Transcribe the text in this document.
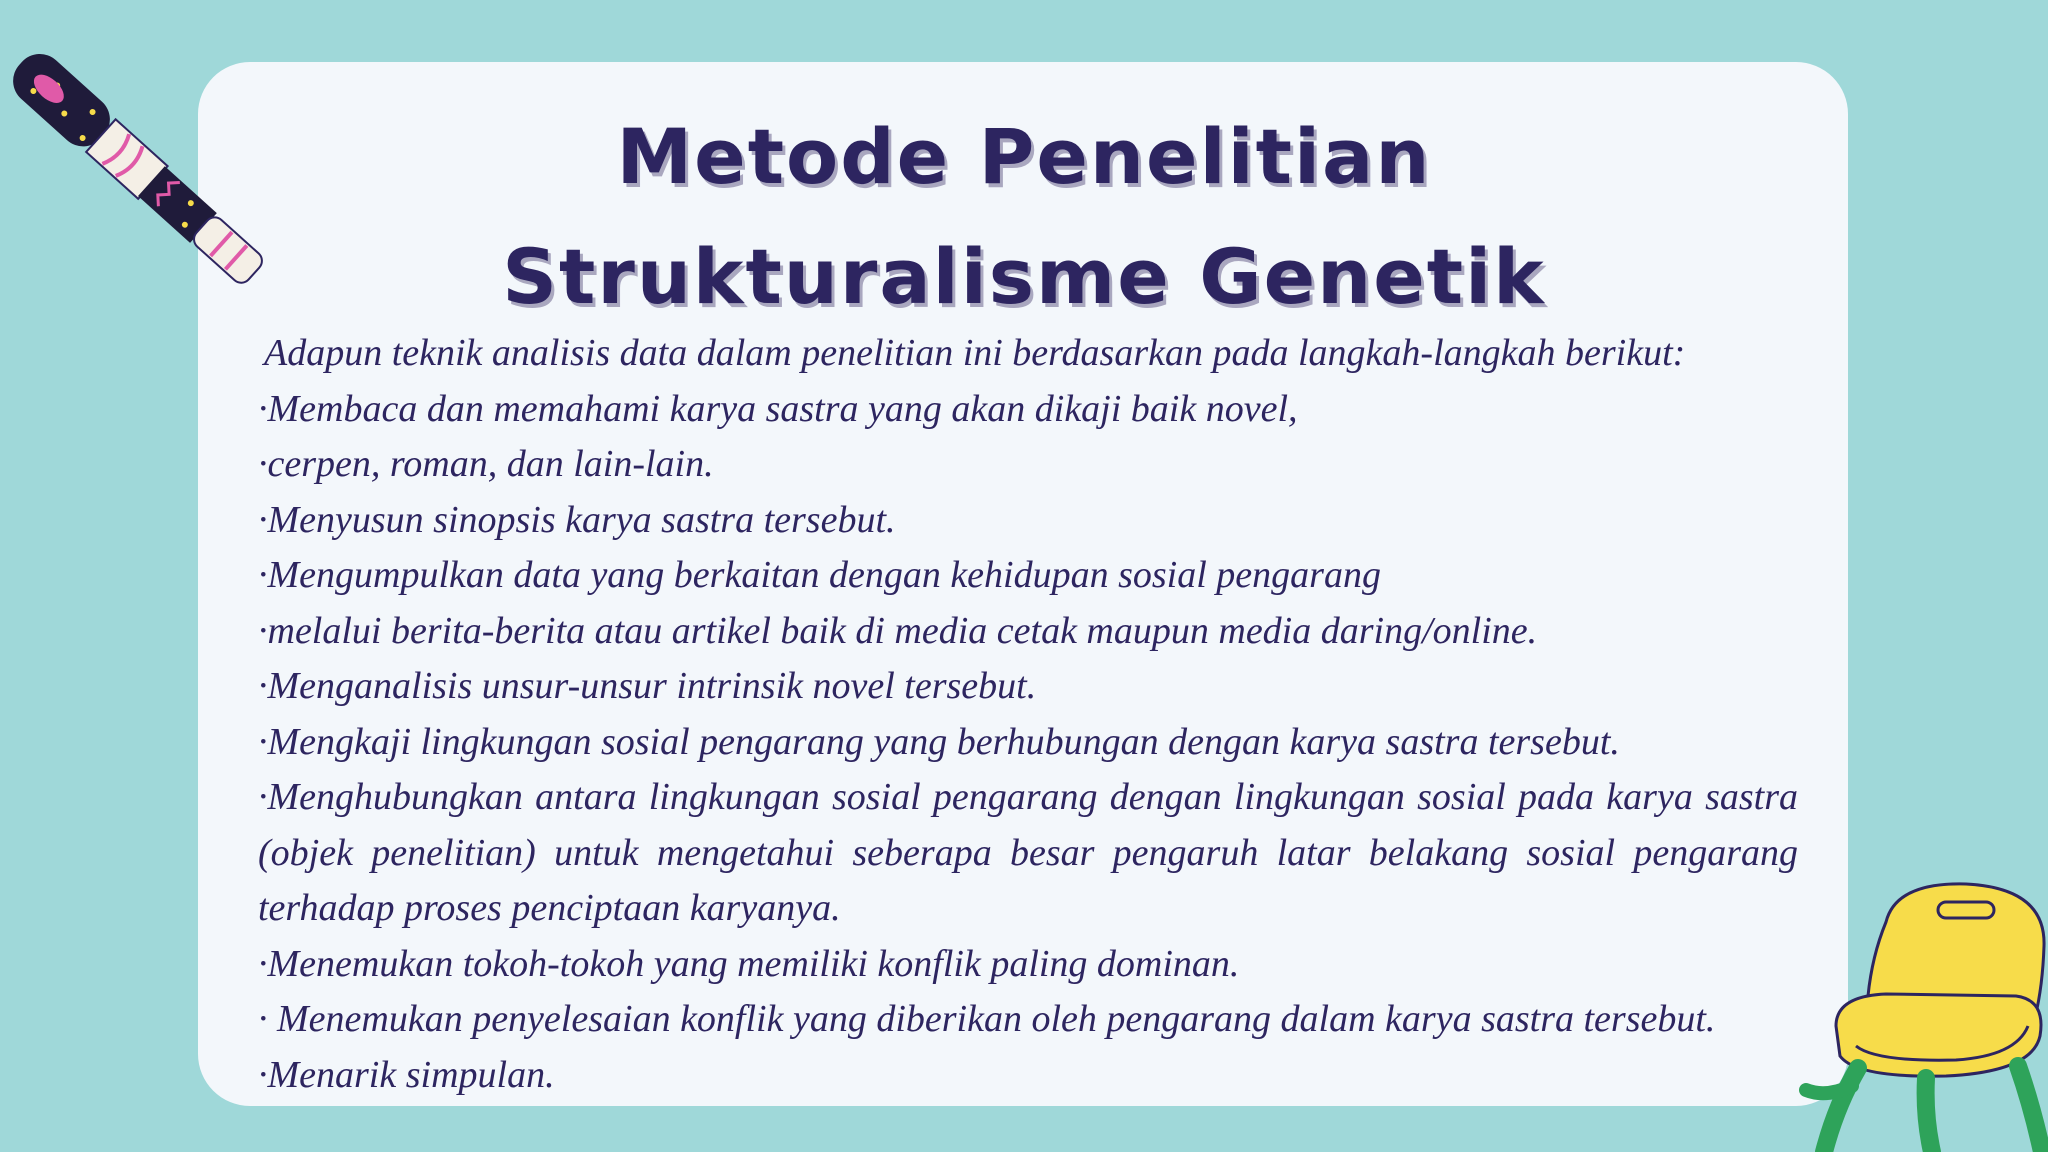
Metode Penelitian
Strukturalisme Genetik
Adapun teknik analisis data dalam penelitian ini berdasarkan pada langkah-langkah berikut:
·Membaca dan memahami karya sastra yang akan dikaji baik novel,
·cerpen, roman, dan lain-lain.
·Menyusun sinopsis karya sastra tersebut.
·Mengumpulkan data yang berkaitan dengan kehidupan sosial pengarang
·melalui berita-berita atau artikel baik di media cetak maupun media daring/online.
·Menganalisis unsur-unsur intrinsik novel tersebut.
·Mengkaji lingkungan sosial pengarang yang berhubungan dengan karya sastra tersebut.
·Menghubungkan antara lingkungan sosial pengarang dengan lingkungan sosial pada karya sastra (objek penelitian) untuk mengetahui seberapa besar pengaruh latar belakang sosial pengarang terhadap proses penciptaan karyanya.
·Menemukan tokoh-tokoh yang memiliki konflik paling dominan.
· Menemukan penyelesaian konflik yang diberikan oleh pengarang dalam karya sastra tersebut.
·Menarik simpulan.
